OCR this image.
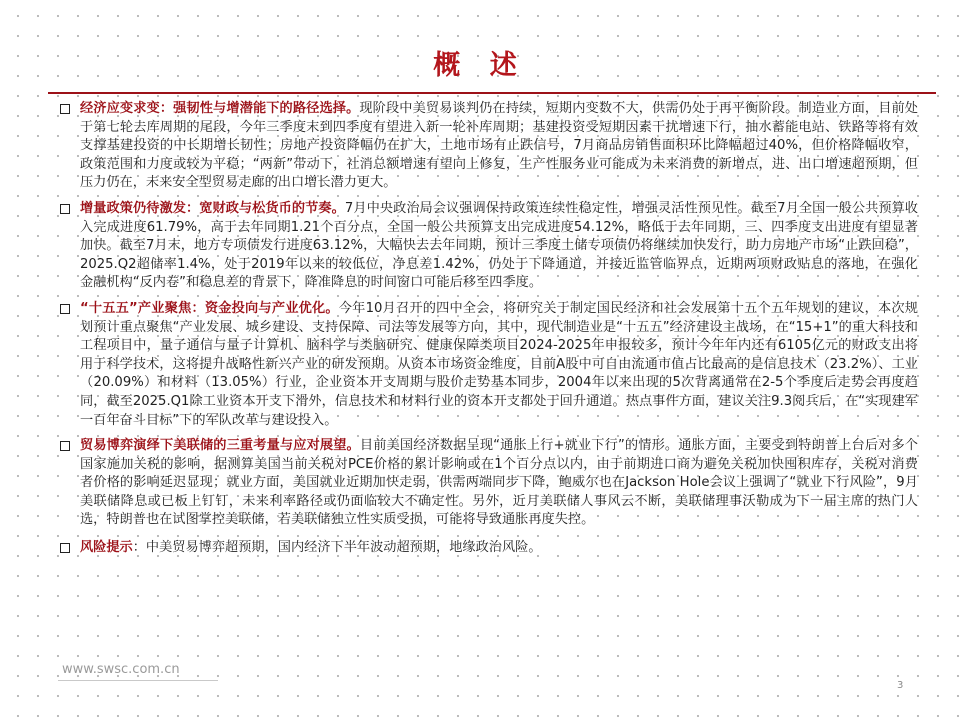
概 述
经济应变求变：强韧性与增潜能下的路径选择。现阶段中美贸易谈判仍在持续，短期内变数不大，供需仍处于再平衡阶段。制造业方面，目前处于第七轮去库周期的尾段，今年三季度末到四季度有望进入新一轮补库周期；基建投资受短期因素干扰增速下行，抽水蓄能电站、铁路等将有效支撑基建投资的中长期增长韧性；房地产投资降幅仍在扩大，土地市场有止跌信号，7月商品房销售面积环比降幅超过40%，但价格降幅收窄，政策范围和力度或较为平稳；“两新”带动下，社消总额增速有望向上修复，生产性服务业可能成为未来消费的新增点，进、出口增速超预期，但压力仍在，未来安全型贸易走廊的出口增长潜力更大。
增量政策仍待激发：宽财政与松货币的节奏。7月中央政治局会议强调保持政策连续性稳定性，增强灵活性预见性。截至7月全国一般公共预算收入完成进度61.79%，高于去年同期1.21个百分点，全国一般公共预算支出完成进度54.12%，略低于去年同期，三、四季度支出进度有望显著加快。截至7月末，地方专项债发行进度63.12%，大幅快去去年同期，预计三季度土储专项债仍将继续加快发行，助力房地产市场“止跌回稳”，2025.Q2超储率1.4%，处于2019年以来的较低位，净息差1.42%，仍处于下降通道，并接近监管临界点，近期两项财政贴息的落地，在强化金融机构“反内卷”和稳息差的背景下，降准降息的时间窗口可能后移至四季度。
“十五五”产业聚焦：资金投向与产业优化。今年10月召开的四中全会，将研究关于制定国民经济和社会发展第十五个五年规划的建议，本次规划预计重点聚焦“产业发展、城乡建设、支持保障、司法等发展等方向，其中，现代制造业是“十五五”经济建设主战场，在“15+1”的重大科技和工程项目中，量子通信与量子计算机、脑科学与类脑研究、健康保障类项目2024-2025年申报较多，预计今年年内还有6105亿元的财政支出将用于科学技术，这将提升战略性新兴产业的研发预期。从资本市场资金维度，目前A股中可自由流通市值占比最高的是信息技术（23.2%）、工业（20.09%）和材料（13.05%）行业，企业资本开支周期与股价走势基本同步，2004年以来出现的5次背离通常在2-5个季度后走势会再度趋同，截至2025.Q1除工业资本开支下滑外，信息技术和材料行业的资本开支都处于回升通道。热点事件方面，建议关注9.3阅兵后，在“实现建军一百年奋斗目标”下的军队改革与建设投入。
贸易博弈演绎下美联储的三重考量与应对展望。目前美国经济数据呈现“通胀上行+就业下行”的情形。通胀方面，主要受到特朗普上台后对多个国家施加关税的影响，据测算美国当前关税对PCE价格的累计影响或在1个百分点以内，由于前期进口商为避免关税加快囤积库存，关税对消费者价格的影响延迟显现；就业方面，美国就业近期加快走弱，供需两端同步下降，鲍威尔也在Jackson Hole会议上强调了“就业下行风险”，9月美联储降息或已板上钉钉，未来利率路径或仍面临较大不确定性。另外，近月美联储人事风云不断，美联储理事沃勒成为下一届主席的热门人选，特朗普也在试图掌控美联储，若美联储独立性实质受损，可能将导致通胀再度失控。
风险提示：中美贸易博弈超预期，国内经济下半年波动超预期，地缘政治风险。
www.swsc.com.cn
3
